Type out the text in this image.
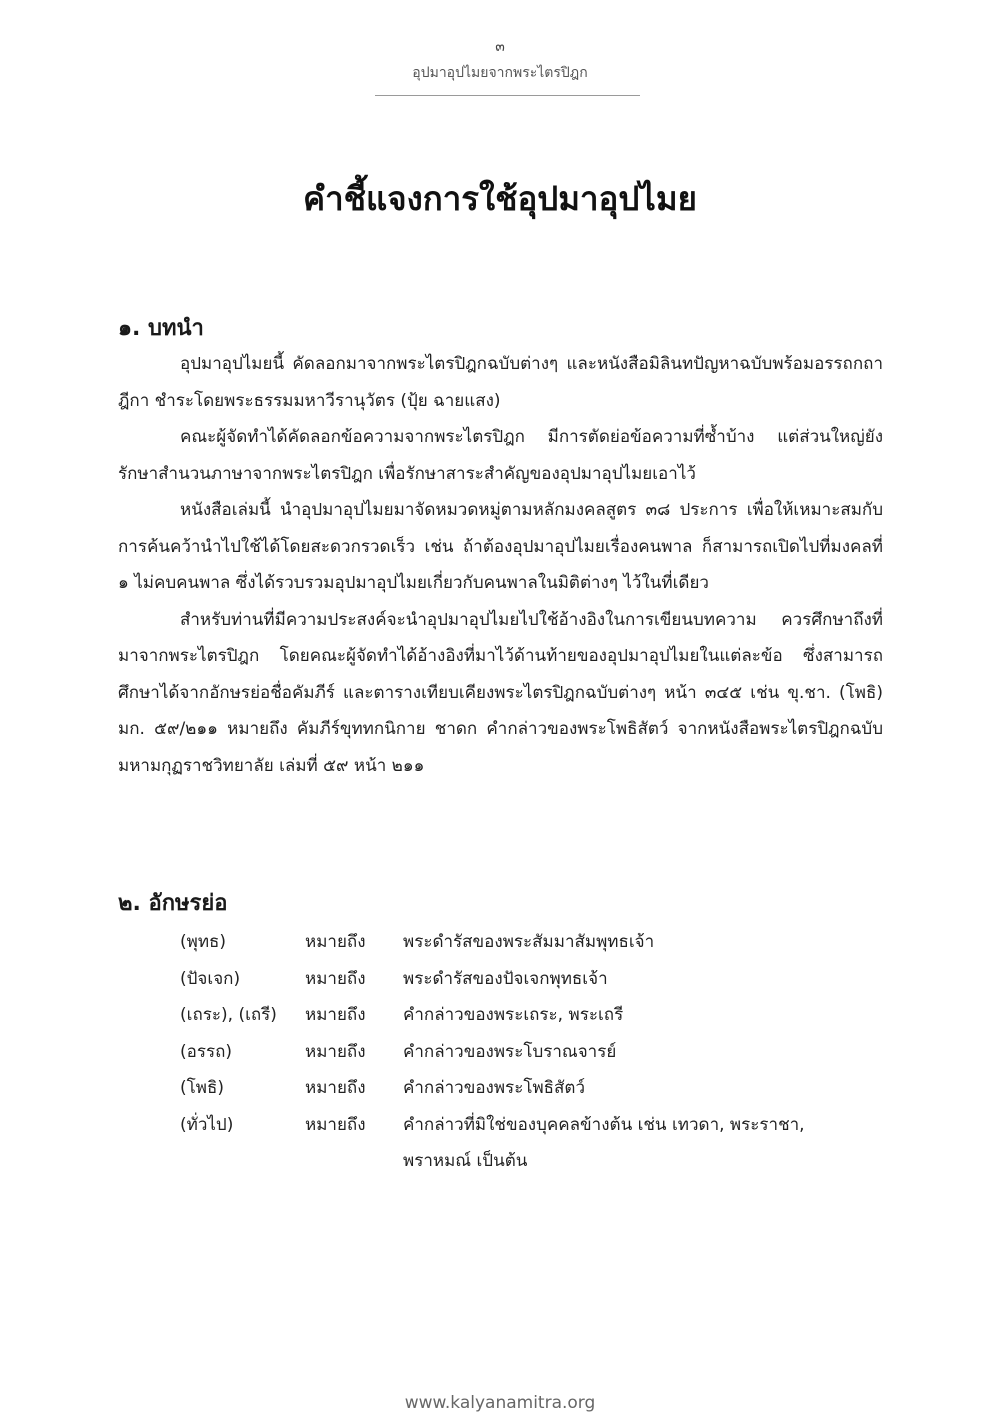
๓
อุปมาอุปไมยจากพระไตรปิฎก
คำชี้แจงการใช้อุปมาอุปไมย
๑. บทนำ

อุปมาอุปไมยนี้ คัดลอกมาจากพระไตรปิฎกฉบับต่างๆ และหนังสือมิลินทปัญหาฉบับพร้อมอรรถกถา ฎีกา ชำระโดยพระธรรมมหาวีรานุวัตร (ปุ้ย ฉายแสง)

คณะผู้จัดทำได้คัดลอกข้อความจากพระไตรปิฎก มีการตัดย่อข้อความที่ซ้ำบ้าง แต่ส่วนใหญ่ยังรักษาสำนวนภาษาจากพระไตรปิฎก เพื่อรักษาสาระสำคัญของอุปมาอุปไมยเอาไว้

หนังสือเล่มนี้ นำอุปมาอุปไมยมาจัดหมวดหมู่ตามหลักมงคลสูตร ๓๘ ประการ เพื่อให้เหมาะสมกับการค้นคว้านำไปใช้ได้โดยสะดวกรวดเร็ว เช่น ถ้าต้องอุปมาอุปไมยเรื่องคนพาล ก็สามารถเปิดไปที่มงคลที่ ๑ ไม่คบคนพาล ซึ่งได้รวบรวมอุปมาอุปไมยเกี่ยวกับคนพาลในมิติต่างๆ ไว้ในที่เดียว

สำหรับท่านที่มีความประสงค์จะนำอุปมาอุปไมยไปใช้อ้างอิงในการเขียนบทความ ควรศึกษาถึงที่มาจากพระไตรปิฎก โดยคณะผู้จัดทำได้อ้างอิงที่มาไว้ด้านท้ายของอุปมาอุปไมยในแต่ละข้อ ซึ่งสามารถศึกษาได้จากอักษรย่อชื่อคัมภีร์ และตารางเทียบเคียงพระไตรปิฎกฉบับต่างๆ หน้า ๓๔๕ เช่น ขุ.ชา. (โพธิ) มก. ๕๙/๒๑๑ หมายถึง คัมภีร์ขุททกนิกาย ชาดก คำกล่าวของพระโพธิสัตว์ จากหนังสือพระไตรปิฎกฉบับมหามกุฏราชวิทยาลัย เล่มที่ ๕๙ หน้า ๒๑๑

๒. อักษรย่อ
(พุทธ)	หมายถึง	พระดำรัสของพระสัมมาสัมพุทธเจ้า
(ปัจเจก)	หมายถึง	พระดำรัสของปัจเจกพุทธเจ้า
(เถระ), (เถรี)	หมายถึง	คำกล่าวของพระเถระ, พระเถรี
(อรรถ)	หมายถึง	คำกล่าวของพระโบราณจารย์
(โพธิ)	หมายถึง	คำกล่าวของพระโพธิสัตว์
(ทั่วไป)	หมายถึง	คำกล่าวที่มิใช่ของบุคคลข้างต้น เช่น เทวดา, พระราชา, พราหมณ์ เป็นต้น
www.kalyanamitra.org
